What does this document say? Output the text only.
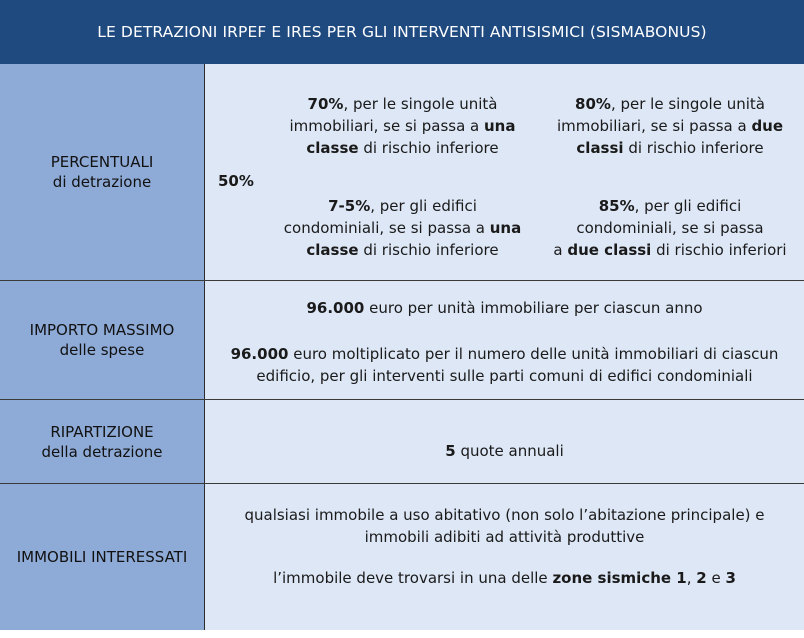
LE DETRAZIONI IRPEF E IRES PER GLI INTERVENTI ANTISISMICI (SISMABONUS)
PERCENTUALI
di detrazione	50%
70%, per le singole unità
immobiliari, se si passa a una
classe di rischio inferiore
80%, per le singole unità
immobiliari, se si passa a due
classi di rischio inferiore
7-5%, per gli edifici
condominiali, se si passa a una
classe di rischio inferiore
85%, per gli edifici
condominiali, se si passa
a due classi di rischio inferiori
IMPORTO MASSIMO
delle spese
96.000 euro per unità immobiliare per ciascun anno
96.000 euro moltiplicato per il numero delle unità immobiliari di ciascun
edificio, per gli interventi sulle parti comuni di edifici condominiali
RIPARTIZIONE
della detrazione	5 quote annuali
IMMOBILI INTERESSATI
qualsiasi immobile a uso abitativo (non solo l’abitazione principale) e
immobili adibiti ad attività produttive
l’immobile deve trovarsi in una delle zone sismiche 1, 2 e 3
